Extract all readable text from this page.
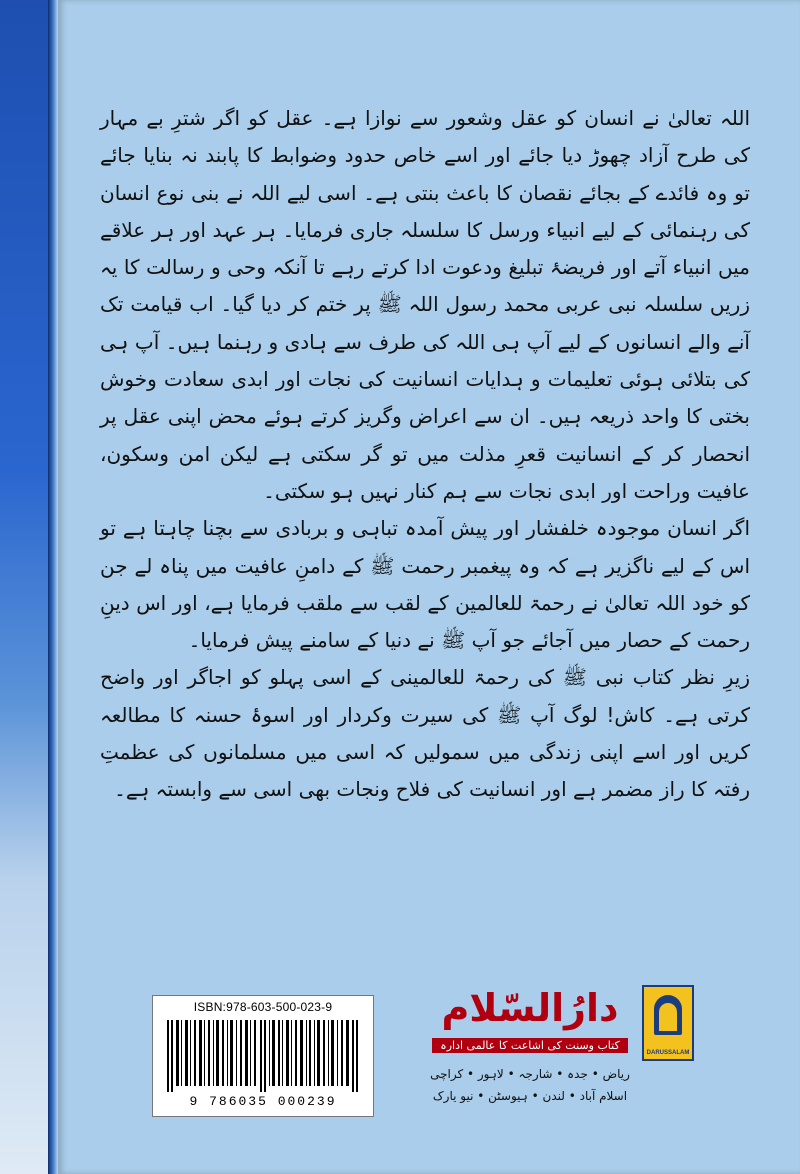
اللہ تعالیٰ نے انسان کو عقل وشعور سے نوازا ہے۔ عقل کو اگر شترِ بے مہار کی طرح آزاد چھوڑ دیا جائے اور اسے خاص حدود وضوابط کا پابند نہ بنایا جائے تو وہ فائدے کے بجائے نقصان کا باعث بنتی ہے۔ اسی لیے اللہ نے بنی نوع انسان کی رہنمائی کے لیے انبیاء ورسل کا سلسلہ جاری فرمایا۔ ہر عہد اور ہر علاقے میں انبیاء آتے اور فریضۂ تبلیغ ودعوت ادا کرتے رہے تا آنکہ وحی و رسالت کا یہ زریں سلسلہ نبی عربی محمد رسول اللہ ﷺ پر ختم کر دیا گیا۔ اب قیامت تک آنے والے انسانوں کے لیے آپ ہی اللہ کی طرف سے ہادی و رہنما ہیں۔ آپ ہی کی بتلائی ہوئی تعلیمات و ہدایات انسانیت کی نجات اور ابدی سعادت وخوش بختی کا واحد ذریعہ ہیں۔ ان سے اعراض وگریز کرتے ہوئے محض اپنی عقل پر انحصار کر کے انسانیت قعرِ مذلت میں تو گر سکتی ہے لیکن امن وسکون، عافیت وراحت اور ابدی نجات سے ہم کنار نہیں ہو سکتی۔

اگر انسان موجودہ خلفشار اور پیش آمدہ تباہی و بربادی سے بچنا چاہتا ہے تو اس کے لیے ناگزیر ہے کہ وہ پیغمبر رحمت ﷺ کے دامنِ عافیت میں پناہ لے جن کو خود اللہ تعالیٰ نے رحمۃ للعالمین کے لقب سے ملقب فرمایا ہے، اور اس دینِ رحمت کے حصار میں آجائے جو آپ ﷺ نے دنیا کے سامنے پیش فرمایا۔

زیرِ نظر کتاب نبی ﷺ کی رحمۃ للعالمینی کے اسی پہلو کو اجاگر اور واضح کرتی ہے۔ کاش! لوگ آپ ﷺ کی سیرت وکردار اور اسوۂ حسنہ کا مطالعہ کریں اور اسے اپنی زندگی میں سمولیں کہ اسی میں مسلمانوں کی عظمتِ رفتہ کا راز مضمر ہے اور انسانیت کی فلاح ونجات بھی اسی سے وابستہ ہے۔

ISBN:978-603-500-023-9
9 786035 000239
دارُالسّلام
کتاب وسنت کی اشاعت کا عالمی ادارہ
ریاض • جدہ • شارجہ • لاہور • کراچی
اسلام آباد • لندن • ہیوسٹن • نیو یارک
DARUSSALAM
